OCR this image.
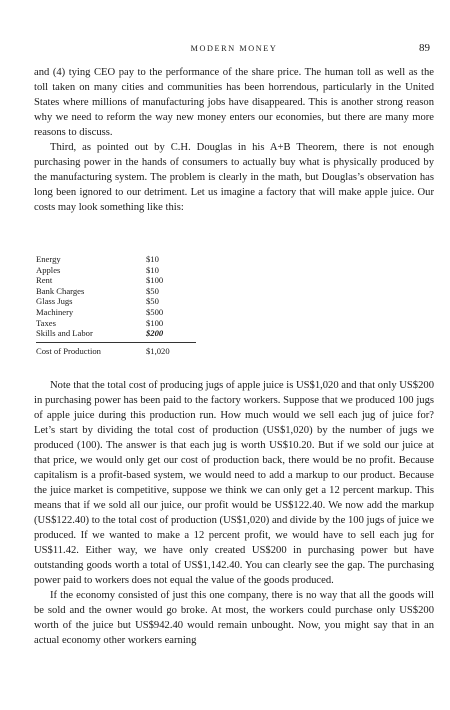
MODERN MONEY	89

and (4) tying CEO pay to the performance of the share price. The human toll as well as the toll taken on many cities and communities has been horrendous, particularly in the United States where millions of manufacturing jobs have disappeared. This is another strong reason why we need to reform the way new money enters our economies, but there are many more reasons to discuss.

Third, as pointed out by C.H. Douglas in his A+B Theorem, there is not enough purchasing power in the hands of consumers to actually buy what is physically produced by the manufacturing system. The problem is clearly in the math, but Douglas’s observation has long been ignored to our detriment. Let us imagine a factory that will make apple juice. Our costs may look something like this:

Energy	$10
Apples	$10
Rent	$100
Bank Charges	$50
Glass Jugs	$50
Machinery	$500
Taxes	$100
Skills and Labor	$200
Cost of Production	$1,020

Note that the total cost of producing jugs of apple juice is US$1,020 and that only US$200 in purchasing power has been paid to the factory workers. Suppose that we produced 100 jugs of apple juice during this production run. How much would we sell each jug of juice for? Let’s start by dividing the total cost of production (US$1,020) by the number of jugs we produced (100). The answer is that each jug is worth US$10.20. But if we sold our juice at that price, we would only get our cost of production back, there would be no profit. Because capitalism is a profit-based system, we would need to add a markup to our product. Because the juice market is competitive, suppose we think we can only get a 12 percent markup. This means that if we sold all our juice, our profit would be US$122.40. We now add the markup (US$122.40) to the total cost of production (US$1,020) and divide by the 100 jugs of juice we produced. If we wanted to make a 12 percent profit, we would have to sell each jug for US$11.42. Either way, we have only created US$200 in purchasing power but have outstanding goods worth a total of US$1,142.40. You can clearly see the gap. The purchasing power paid to workers does not equal the value of the goods produced.

If the economy consisted of just this one company, there is no way that all the goods will be sold and the owner would go broke. At most, the workers could purchase only US$200 worth of the juice but US$942.40 would remain unbought. Now, you might say that in an actual economy other workers earning
